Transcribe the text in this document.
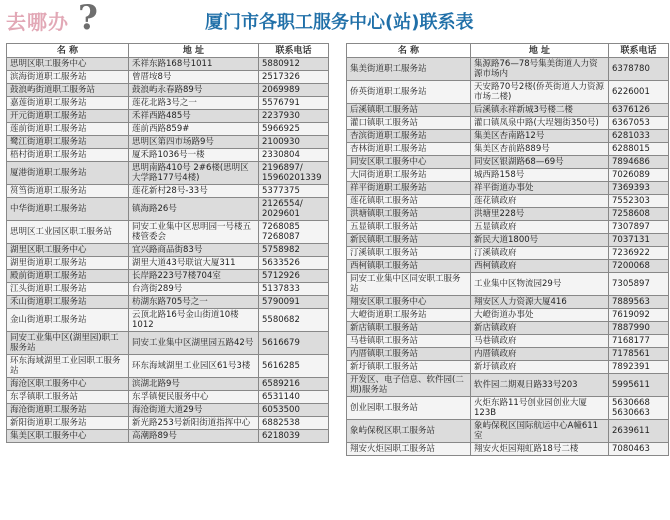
去哪办 ?	厦门市各职工服务中心(站)联系表
名 称	地 址	联系电话
思明区职工服务中心	禾祥东路168号1011	5880912
滨海街道职工服务站	曾厝垵8号	2517326
鼓浪屿街道职工服务站	鼓浪屿永春路89号	2069989
嘉莲街道职工服务站	莲花北路3号之一	5576791
开元街道职工服务站	禾祥西路485号	2237930
莲前街道职工服务站	莲前西路859#	5966925
鹭江街道职工服务站	思明区第四市场路9号	2100930
梧村街道职工服务站	厦禾路1036号一楼	2330804
厦港街道职工服务站	思明南路410号 2#6楼(思明区大学路177号4楼)	2196897/ 15960201339
筼筜街道职工服务站	莲花新村28号-33号	5377375
中华街道职工服务站	镇海路26号	2126554/ 2029601
思明区工业园区职工服务站	同安工业集中区思明园一号楼五楼管委会	7268085 7268087
湖里区职工服务中心	宜兴路商品街83号	5758982
湖里街道职工服务站	湖里大道43号联谊大厦311	5633526
殿前街道职工服务站	长岸路223号7楼704室	5712926
江头街道职工服务站	台湾街289号	5137833
禾山街道职工服务站	枋湖东路705号之一	5790091
金山街道职工服务站	云顶北路16号金山街道10楼1012	5580682
同安工业集中区(湖里园)职工服务站	同安工业集中区湖里园五路42号	5616679
环东海域湖里工业园职工服务站	环东海域湖里工业园区61号3楼	5616285
海沧区职工服务中心	滨湖北路9号	6589216
东孚镇职工服务站	东孚镇便民服务中心	6531140
海沧街道职工服务站	海沧街道大道29号	6053500
新阳街道职工服务站	新光路253号新阳街道指挥中心	6882538
集美区职工服务中心	高潮路89号	6218039
名 称	地 址	联系电话
集美街道职工服务站	集源路76—78号集美街道人力资源市场内	6378780
侨英街道职工服务站	天安路70号2楼(侨英街道人力资源市场二楼)	6226001
后溪镇职工服务站	后溪镇永祥新城3号楼二楼	6376126
灌口镇职工服务站	灌口镇凤泉中路(大埕翘街350号)	6367053
杏滨街道职工服务站	集美区杏南路12号	6281033
杏林街道职工服务站	集美区杏前路889号	6288015
同安区职工服务中心	同安区银湖路68—69号	7894686
大同街道职工服务站	城西路158号	7026089
祥平街道职工服务站	祥平街道办事处	7369393
莲花镇职工服务站	莲花镇政府	7552303
洪塘镇职工服务站	洪塘里228号	7258608
五显镇职工服务站	五显镇政府	7307897
新民镇职工服务站	新民大道1800号	7037131
汀溪镇职工服务站	汀溪镇政府	7236922
西柯镇职工服务站	西柯镇政府	7200068
同安工业集中区同安职工服务站	工业集中区物流园29号	7305897
翔安区职工服务中心	翔安区人力资源大厦416	7889563
大嶝街道职工服务站	大嶝街道办事处	7619092
新店镇职工服务站	新店镇政府	7887990
马巷镇职工服务站	马巷镇政府	7168177
内厝镇职工服务站	内厝镇政府	7178561
新圩镇职工服务站	新圩镇政府	7892391
开发区、电子信息、软件园(二期)服务站	软件园二期观日路33号203	5995611
创业园职工服务站	火炬东路11号创业园创业大厦123B	5630668 5630663
象屿保税区职工服务站	象屿保税区国际航运中心A幢611室	2639611
翔安火炬园职工服务站	翔安火炬园翔虹路18号二楼	7080463
